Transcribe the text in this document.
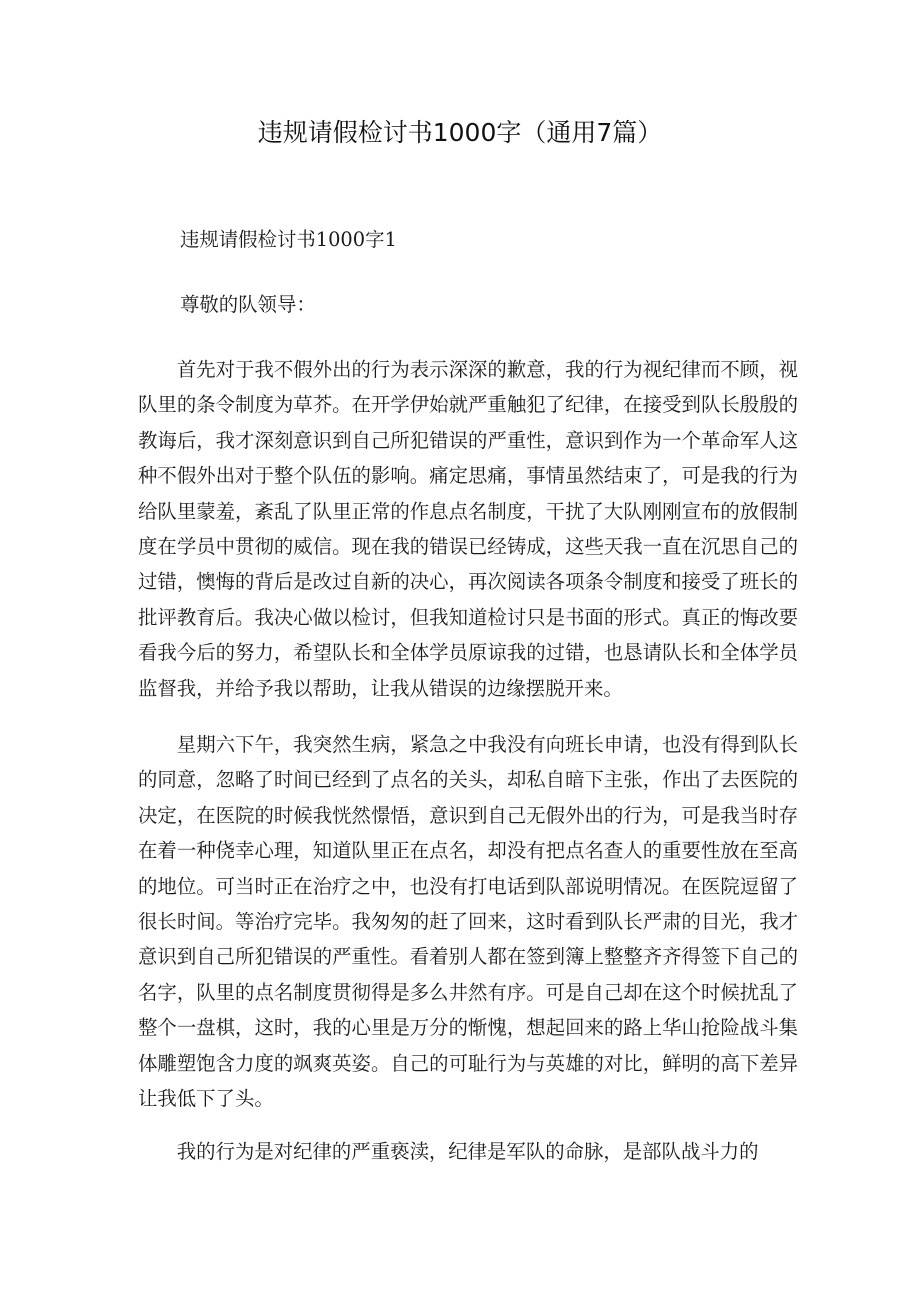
违规请假检讨书1000字（通用7篇）

违规请假检讨书1000字1

尊敬的队领导：

首先对于我不假外出的行为表示深深的歉意，我的行为视纪律而不顾，视队里的条令制度为草芥。在开学伊始就严重触犯了纪律，在接受到队长殷殷的教诲后，我才深刻意识到自己所犯错误的严重性，意识到作为一个革命军人这种不假外出对于整个队伍的影响。痛定思痛，事情虽然结束了，可是我的行为给队里蒙羞，紊乱了队里正常的作息点名制度，干扰了大队刚刚宣布的放假制度在学员中贯彻的威信。现在我的错误已经铸成，这些天我一直在沉思自己的过错，懊悔的背后是改过自新的决心，再次阅读各项条令制度和接受了班长的批评教育后。我决心做以检讨，但我知道检讨只是书面的形式。真正的悔改要看我今后的努力，希望队长和全体学员原谅我的过错，也恳请队长和全体学员监督我，并给予我以帮助，让我从错误的边缘摆脱开来。

星期六下午，我突然生病，紧急之中我没有向班长申请，也没有得到队长的同意，忽略了时间已经到了点名的关头，却私自暗下主张，作出了去医院的决定，在医院的时候我恍然憬悟，意识到自己无假外出的行为，可是我当时存在着一种侥幸心理，知道队里正在点名，却没有把点名查人的重要性放在至高的地位。可当时正在治疗之中，也没有打电话到队部说明情况。在医院逗留了很长时间。等治疗完毕。我匆匆的赶了回来，这时看到队长严肃的目光，我才意识到自己所犯错误的严重性。看着别人都在签到簿上整整齐齐得签下自己的名字，队里的点名制度贯彻得是多么井然有序。可是自己却在这个时候扰乱了整个一盘棋，这时，我的心里是万分的惭愧，想起回来的路上华山抢险战斗集体雕塑饱含力度的飒爽英姿。自己的可耻行为与英雄的对比，鲜明的高下差异让我低下了头。

我的行为是对纪律的严重亵渎，纪律是军队的命脉，是部队战斗力的
